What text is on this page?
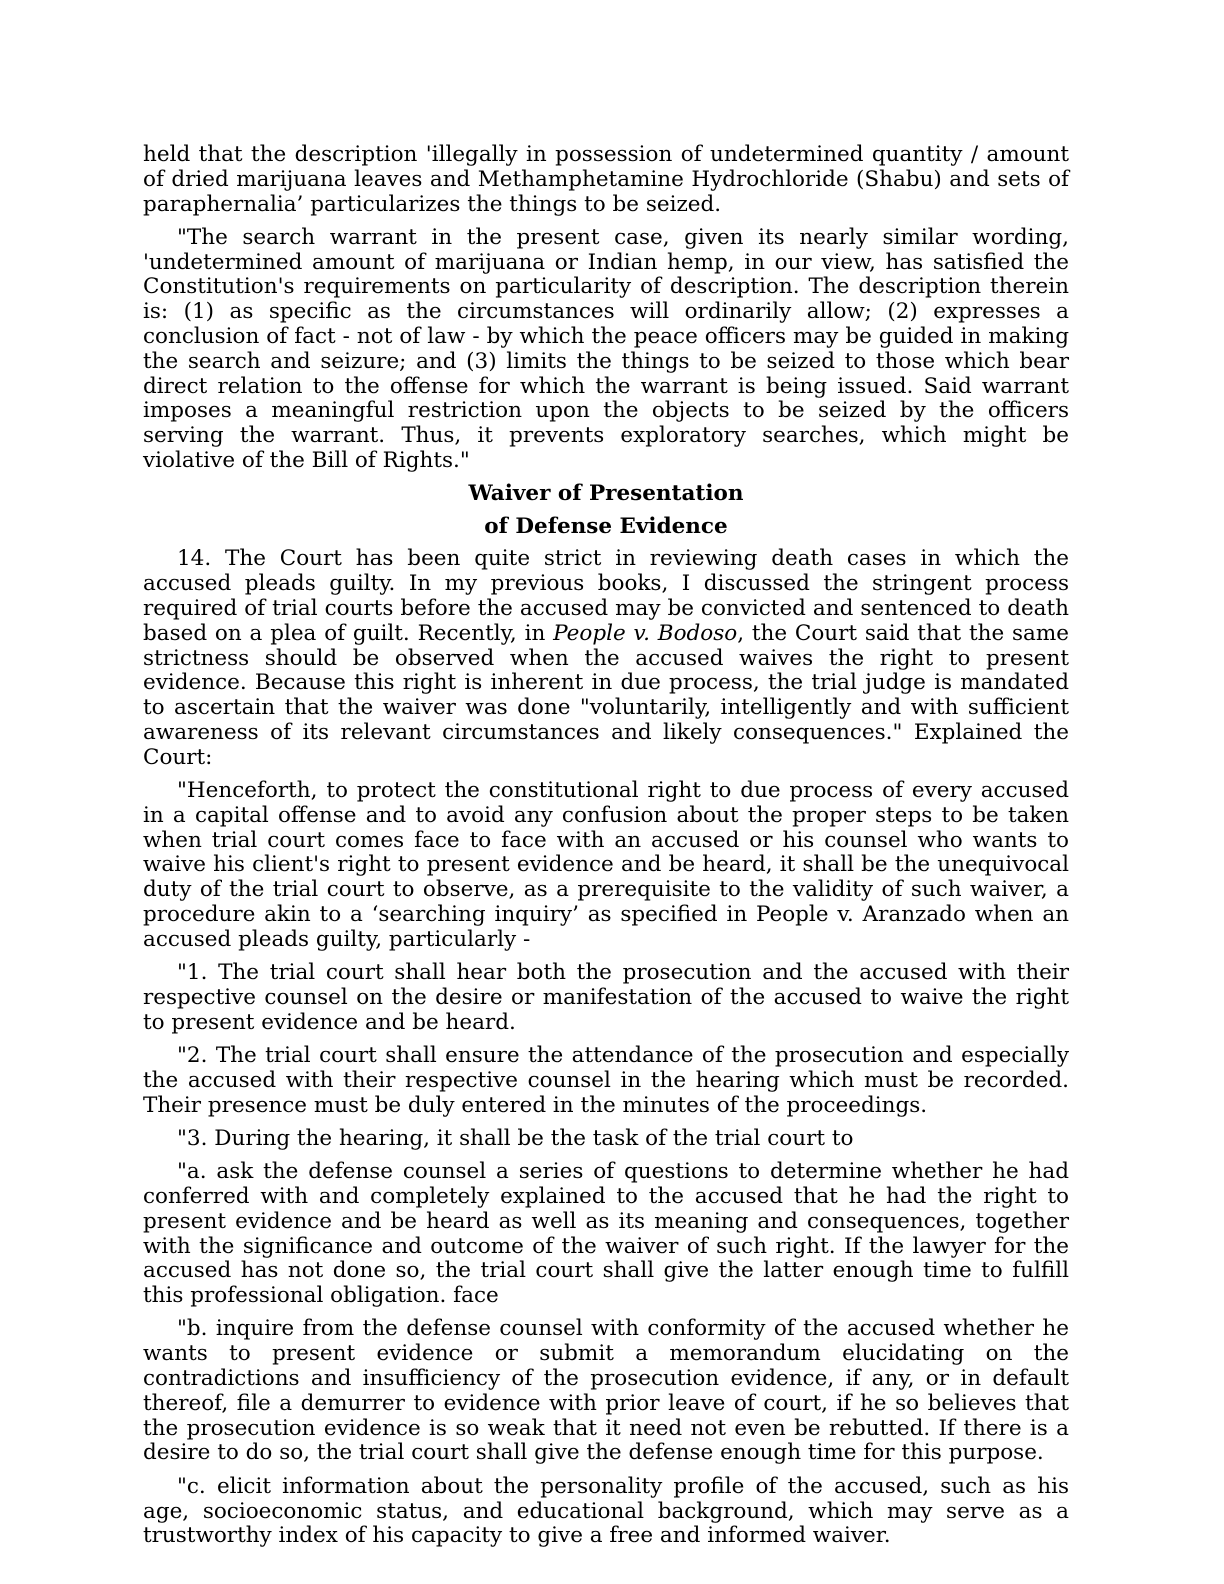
held that the description 'illegally in possession of undetermined quantity / amount of dried marijuana leaves and Methamphetamine Hydrochloride (Shabu) and sets of paraphernalia’ particularizes the things to be seized.

"The search warrant in the present case, given its nearly similar wording, 'undetermined amount of marijuana or Indian hemp, in our view, has satisfied the Constitution's requirements on particularity of description. The description therein is: (1) as specific as the circumstances will ordinarily allow; (2) expresses a conclusion of fact - not of law - by which the peace officers may be guided in making the search and seizure; and (3) limits the things to be seized to those which bear direct relation to the offense for which the warrant is being issued. Said warrant imposes a meaningful restriction upon the objects to be seized by the officers serving the warrant. Thus, it prevents exploratory searches, which might be violative of the Bill of Rights."

Waiver of Presentation
of Defense Evidence

14. The Court has been quite strict in reviewing death cases in which the accused pleads guilty. In my previous books, I discussed the stringent process required of trial courts before the accused may be convicted and sentenced to death based on a plea of guilt. Recently, in People v. Bodoso, the Court said that the same strictness should be observed when the accused waives the right to present evidence. Because this right is inherent in due process, the trial judge is mandated to ascertain that the waiver was done "voluntarily, intelligently and with sufficient awareness of its relevant circumstances and likely consequences." Explained the Court:

"Henceforth, to protect the constitutional right to due process of every accused in a capital offense and to avoid any confusion about the proper steps to be taken when trial court comes face to face with an accused or his counsel who wants to waive his client's right to present evidence and be heard, it shall be the unequivocal duty of the trial court to observe, as a prerequisite to the validity of such waiver, a procedure akin to a ‘searching inquiry’ as specified in People v. Aranzado when an accused pleads guilty, particularly -

"1. The trial court shall hear both the prosecution and the accused with their respective counsel on the desire or manifestation of the accused to waive the right to present evidence and be heard.

"2. The trial court shall ensure the attendance of the prosecution and especially the accused with their respective counsel in the hearing which must be recorded. Their presence must be duly entered in the minutes of the proceedings.

"3. During the hearing, it shall be the task of the trial court to

"a. ask the defense counsel a series of questions to determine whether he had conferred with and completely explained to the accused that he had the right to present evidence and be heard as well as its meaning and consequences, together with the significance and outcome of the waiver of such right. If the lawyer for the accused has not done so, the trial court shall give the latter enough time to fulfill this professional obligation. face

"b. inquire from the defense counsel with conformity of the accused whether he wants to present evidence or submit a memorandum elucidating on the contradictions and insufficiency of the prosecution evidence, if any, or in default thereof, file a demurrer to evidence with prior leave of court, if he so believes that the prosecution evidence is so weak that it need not even be rebutted. If there is a desire to do so, the trial court shall give the defense enough time for this purpose.

"c. elicit information about the personality profile of the accused, such as his age, socioeconomic status, and educational background, which may serve as a trustworthy index of his capacity to give a free and informed waiver.
